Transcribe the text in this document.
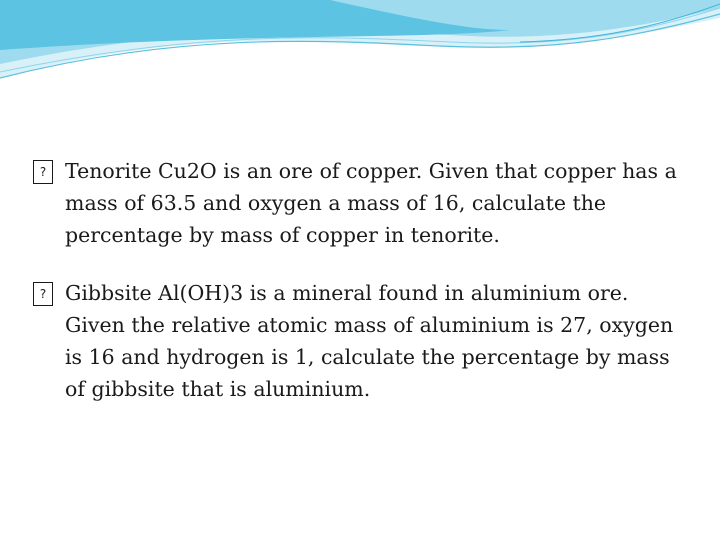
? Tenorite Cu2O is an ore of copper. Given that copper has a mass of 63.5 and oxygen a mass of 16, calculate the percentage by mass of copper in tenorite.
? Gibbsite Al(OH)3 is a mineral found in aluminium ore. Given the relative atomic mass of aluminium is 27, oxygen is 16 and hydrogen is 1, calculate the percentage by mass of gibbsite that is aluminium.
